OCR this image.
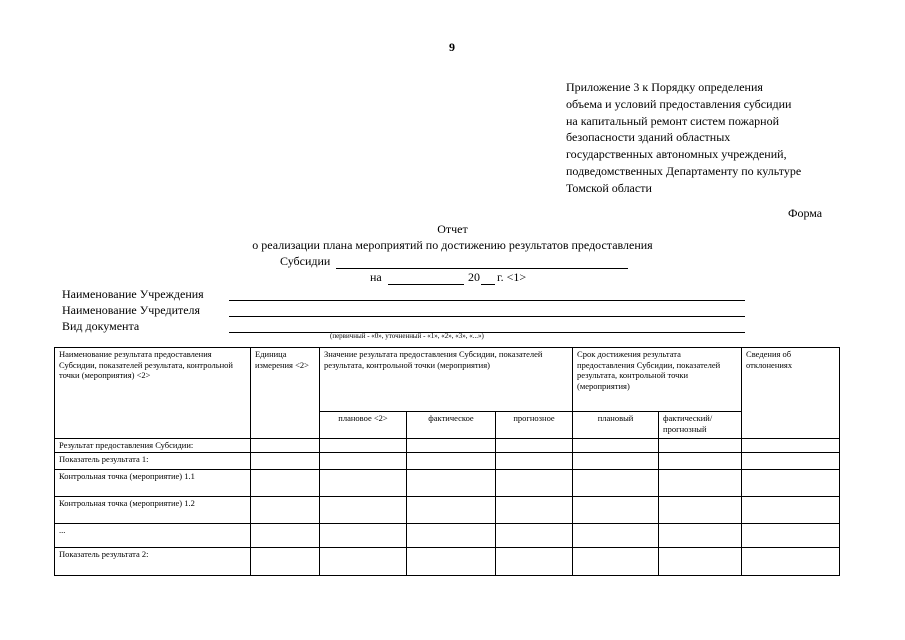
9
Приложение 3 к Порядку определения
объема и условий предоставления субсидии
на капитальный ремонт систем пожарной
безопасности зданий областных
государственных автономных учреждений,
подведомственных Департаменту по культуре
Томской области
Форма
Отчет
о реализации плана мероприятий по достижению результатов предоставления
Субсидии
на	20 г. <1>
Наименование Учреждения
Наименование Учредителя
Вид документа
(первичный - «0», уточненный - «1», «2», «3», «...»)
Наименование результата предоставления Субсидии, показателей результата, контрольной точки (мероприятия) <2>	Единица измерения <2>	Значение результата предоставления Субсидии, показателей результата, контрольной точки (мероприятия)			Срок достижения результата предоставления Субсидии, показателей результата, контрольной точки (мероприятия)		Сведения об отклонениях
		плановое <2>	фактическое	прогнозное	плановый	фактический/ прогнозный	
Результат предоставления Субсидии:							
Показатель результата 1:							
Контрольная точка (мероприятие) 1.1							
Контрольная точка (мероприятие) 1.2							
...							
Показатель результата 2:							
